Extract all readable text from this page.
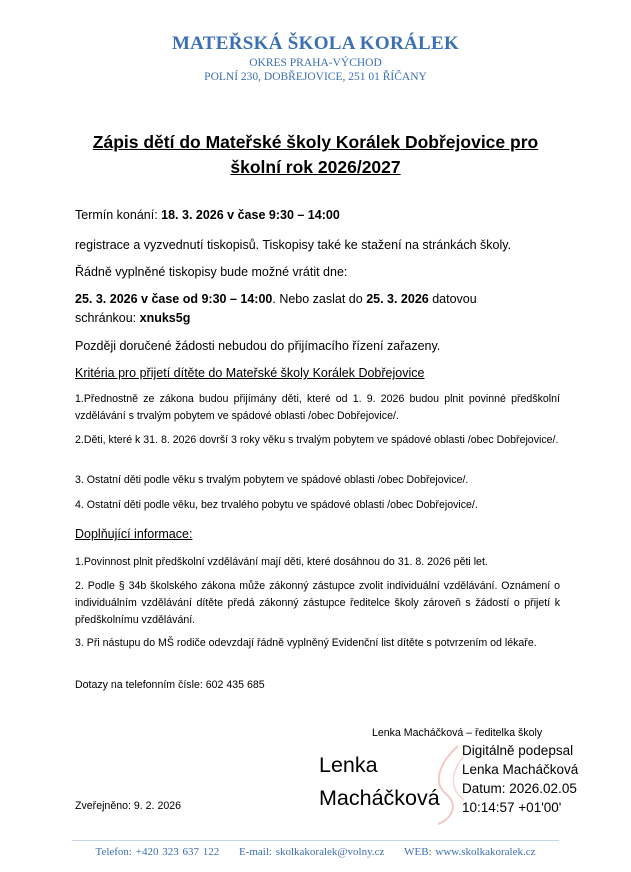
MATEŘSKÁ ŠKOLA KORÁLEK
OKRES PRAHA-VÝCHOD
POLNÍ 230, DOBŘEJOVICE, 251 01 ŘÍČANY
Zápis dětí do Mateřské školy Korálek Dobřejovice pro
školní rok 2026/2027
Termín konání: 18. 3. 2026 v čase 9:30 – 14:00
registrace a vyzvednutí tiskopisů. Tiskopisy také ke stažení na stránkách školy.
Řádně vyplněné tiskopisy bude možné vrátit dne:
25. 3. 2026 v čase od 9:30 – 14:00. Nebo zaslat do 25. 3. 2026 datovou
schránkou: xnuks5g
Později doručené žádosti nebudou do přijímacího řízení zařazeny.
Kritéria pro přijetí dítěte do Mateřské školy Korálek Dobřejovice
1.Přednostně ze zákona budou přijímány děti, které od 1. 9. 2026 budou plnit povinné předškolní vzdělávání s trvalým pobytem ve spádové oblasti /obec Dobřejovice/.
2.Děti, které k 31. 8. 2026 dovrší 3 roky věku s trvalým pobytem ve spádové oblasti /obec Dobřejovice/.
3. Ostatní děti podle věku s trvalým pobytem ve spádové oblasti /obec Dobřejovice/.
4. Ostatní děti podle věku, bez trvalého pobytu ve spádové oblasti /obec Dobřejovice/.
Doplňující informace:
1.Povinnost plnit předškolní vzdělávání mají děti, které dosáhnou do 31. 8. 2026 pěti let.
2. Podle § 34b školského zákona může zákonný zástupce zvolit individuální vzdělávání. Oznámení o individuálním vzdělávání dítěte předá zákonný zástupce ředitelce školy zároveň s žádostí o přijetí k předškolnímu vzdělávání.
3. Při nástupu do MŠ rodiče odevzdají řádně vyplněný Evidenční list dítěte s potvrzením od lékaře.
Dotazy na telefonním čísle: 602 435 685
Lenka Macháčková – ředitelka školy
Lenka
Macháčková
Digitálně podepsal
Lenka Macháčková
Datum: 2026.02.05
10:14:57 +01'00'
Zveřejněno: 9. 2. 2026
Telefon: +420 323 637 122 E-mail: skolkakoralek@volny.cz WEB: www.skolkakoralek.cz
